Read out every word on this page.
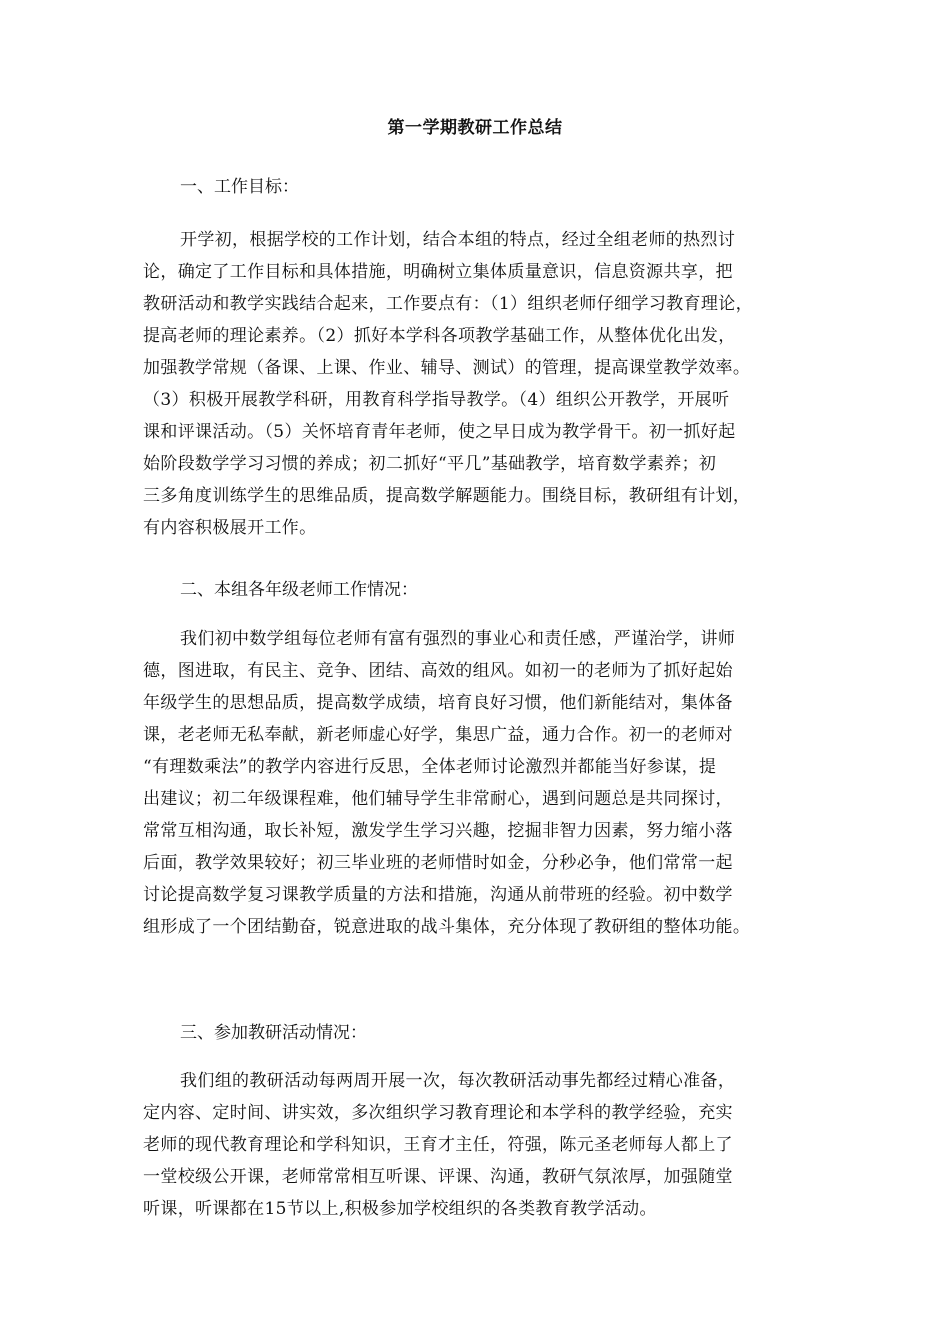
第一学期教研工作总结
一、工作目标：
开学初，根据学校的工作计划，结合本组的特点，经过全组老师的热烈讨
论，确定了工作目标和具体措施，明确树立集体质量意识，信息资源共享，把
教研活动和教学实践结合起来，工作要点有：（1）组织老师仔细学习教育理论，
提高老师的理论素养。（2）抓好本学科各项教学基础工作，从整体优化出发，
加强教学常规（备课、上课、作业、辅导、测试）的管理，提高课堂教学效率。
（3）积极开展教学科研，用教育科学指导教学。（4）组织公开教学，开展听
课和评课活动。（5）关怀培育青年老师，使之早日成为教学骨干。初一抓好起
始阶段数学学习习惯的养成；初二抓好“平几”基础教学，培育数学素养；初
三多角度训练学生的思维品质，提高数学解题能力。围绕目标，教研组有计划，
有内容积极展开工作。
二、本组各年级老师工作情况：
我们初中数学组每位老师有富有强烈的事业心和责任感，严谨治学，讲师
德，图进取，有民主、竞争、团结、高效的组风。如初一的老师为了抓好起始
年级学生的思想品质，提高数学成绩，培育良好习惯，他们新能结对，集体备
课，老老师无私奉献，新老师虚心好学，集思广益，通力合作。初一的老师对
“有理数乘法”的教学内容进行反思，全体老师讨论激烈并都能当好参谋，提
出建议；初二年级课程难，他们辅导学生非常耐心，遇到问题总是共同探讨，
常常互相沟通，取长补短，激发学生学习兴趣，挖掘非智力因素，努力缩小落
后面，教学效果较好；初三毕业班的老师惜时如金，分秒必争，他们常常一起
讨论提高数学复习课教学质量的方法和措施，沟通从前带班的经验。初中数学
组形成了一个团结勤奋，锐意进取的战斗集体，充分体现了教研组的整体功能。
三、参加教研活动情况：
我们组的教研活动每两周开展一次，每次教研活动事先都经过精心准备，
定内容、定时间、讲实效，多次组织学习教育理论和本学科的教学经验，充实
老师的现代教育理论和学科知识，王育才主任，符强，陈元圣老师每人都上了
一堂校级公开课，老师常常相互听课、评课、沟通，教研气氛浓厚，加强随堂
听课，听课都在15节以上,积极参加学校组织的各类教育教学活动。
